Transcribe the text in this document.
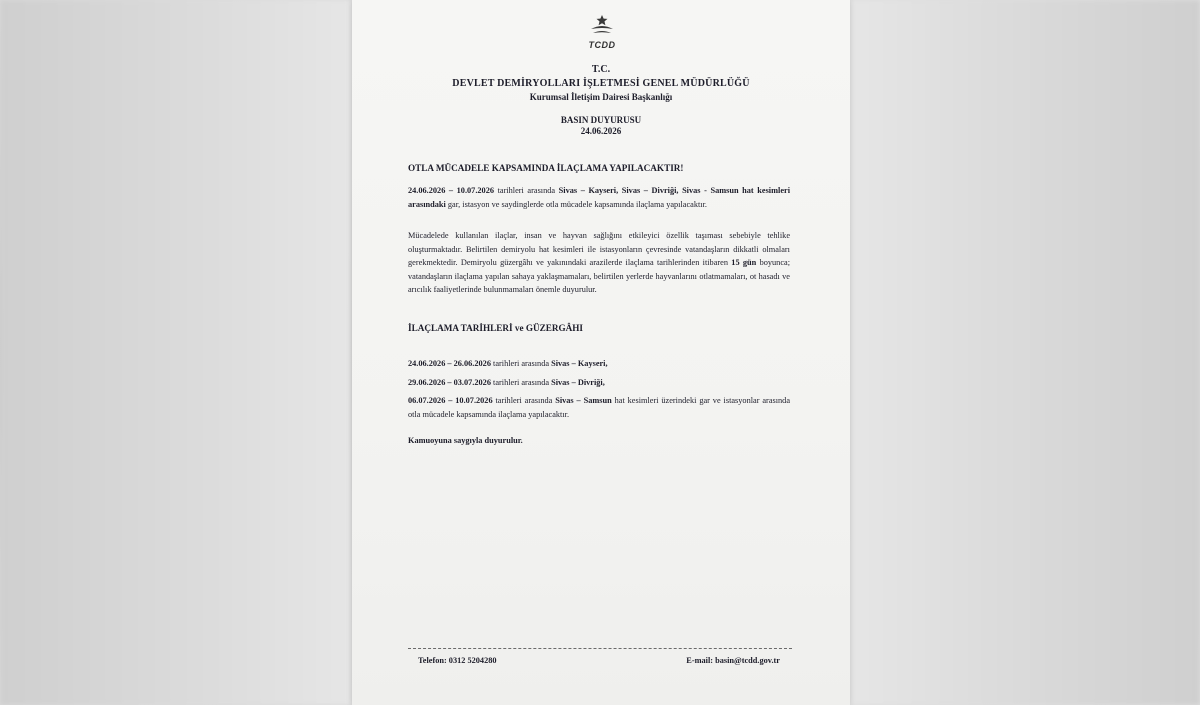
TCDD
T.C.
DEVLET DEMİRYOLLARI İŞLETMESİ GENEL MÜDÜRLÜĞÜ
Kurumsal İletişim Dairesi Başkanlığı
BASIN DUYURUSU
24.06.2026
OTLA MÜCADELE KAPSAMINDA İLAÇLAMA YAPILACAKTIR!
24.06.2026 – 10.07.2026 tarihleri arasında Sivas – Kayseri, Sivas – Divriği, Sivas - Samsun hat kesimleri arasındaki gar, istasyon ve saydinglerde otla mücadele kapsamında ilaçlama yapılacaktır.
Mücadelede kullanılan ilaçlar, insan ve hayvan sağlığını etkileyici özellik taşıması sebebiyle tehlike oluşturmaktadır. Belirtilen demiryolu hat kesimleri ile istasyonların çevresinde vatandaşların dikkatli olmaları gerekmektedir. Demiryolu güzergâhı ve yakınındaki arazilerde ilaçlama tarihlerinden itibaren 15 gün boyunca; vatandaşların ilaçlama yapılan sahaya yaklaşmamaları, belirtilen yerlerde hayvanlarını otlatmamaları, ot hasadı ve arıcılık faaliyetlerinde bulunmamaları önemle duyurulur.
İLAÇLAMA TARİHLERİ ve GÜZERGÂHI
24.06.2026 – 26.06.2026 tarihleri arasında Sivas – Kayseri,
29.06.2026 – 03.07.2026 tarihleri arasında Sivas – Divriği,
06.07.2026 – 10.07.2026 tarihleri arasında Sivas – Samsun hat kesimleri üzerindeki gar ve istasyonlar arasında otla mücadele kapsamında ilaçlama yapılacaktır.
Kamuoyuna saygıyla duyurulur.
Telefon: 0312 5204280	E-mail: basin@tcdd.gov.tr
